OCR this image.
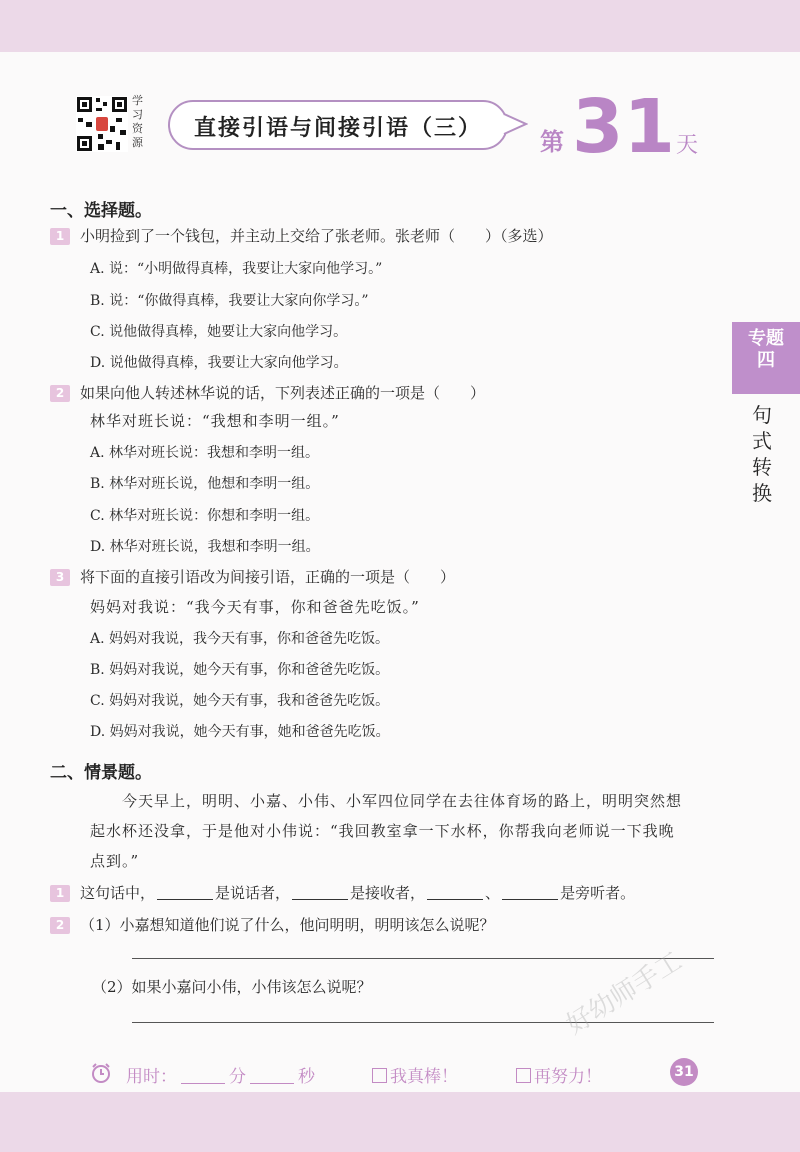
学习资源
直接引语与间接引语（三）	第 31 天
专题四
句式转换
一、选择题。
1 小明捡到了一个钱包，并主动上交给了张老师。张老师（　　）（多选）
A. 说：“小明做得真棒，我要让大家向他学习。”
B. 说：“你做得真棒，我要让大家向你学习。”
C. 说他做得真棒，她要让大家向他学习。
D. 说他做得真棒，我要让大家向他学习。
2 如果向他人转述林华说的话，下列表述正确的一项是（　　）
林华对班长说：“我想和李明一组。”
A. 林华对班长说：我想和李明一组。
B. 林华对班长说，他想和李明一组。
C. 林华对班长说：你想和李明一组。
D. 林华对班长说，我想和李明一组。
3 将下面的直接引语改为间接引语，正确的一项是（　　）
妈妈对我说：“我今天有事，你和爸爸先吃饭。”
A. 妈妈对我说，我今天有事，你和爸爸先吃饭。
B. 妈妈对我说，她今天有事，你和爸爸先吃饭。
C. 妈妈对我说，她今天有事，我和爸爸先吃饭。
D. 妈妈对我说，她今天有事，她和爸爸先吃饭。
二、情景题。
今天早上，明明、小嘉、小伟、小军四位同学在去往体育场的路上，明明突然想
起水杯还没拿，于是他对小伟说：“我回教室拿一下水杯，你帮我向老师说一下我晚
点到。”
1 这句话中，	是说话者，	是接收者，	、	是旁听者。
2 （1）小嘉想知道他们说了什么，他问明明，明明该怎么说呢？
（2）如果小嘉问小伟，小伟该怎么说呢？
用时：	分	秒	我真棒！	再努力！	31
好幼师手工
